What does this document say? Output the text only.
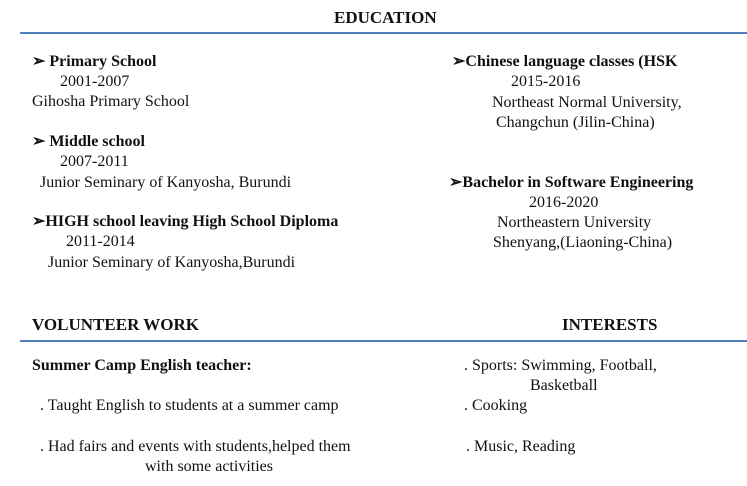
EDUCATION
➢ Primary School
2001-2007
Gihosha Primary School
➢ Middle school
2007-2011
Junior Seminary of Kanyosha, Burundi
➢HIGH school leaving High School Diploma
2011-2014
Junior Seminary of Kanyosha,Burundi
➢Chinese language classes (HSK
2015-2016
Northeast Normal University,
Changchun (Jilin-China)
➢Bachelor in Software Engineering
2016-2020
Northeastern University
Shenyang,(Liaoning-China)
VOLUNTEER WORK	INTERESTS
Summer Camp English teacher:
. Taught English to students at a summer camp
. Had fairs and events with students,helped them
with some activities
. Sports: Swimming, Football,
Basketball
. Cooking
. Music, Reading
